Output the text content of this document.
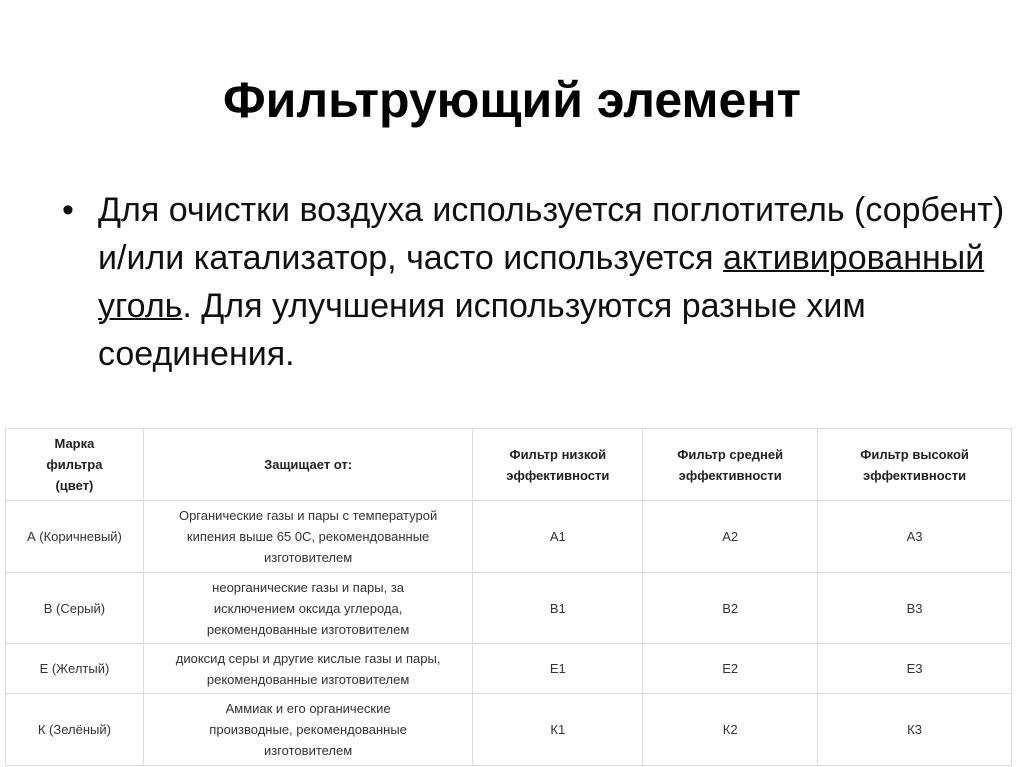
Фильтрующий элемент
• Для очистки воздуха используется поглотитель (сорбент) и/или катализатор, часто используется активированный уголь. Для улучшения используются разные хим соединения.
Марка фильтра (цвет)	Защищает от:	Фильтр низкой эффективности	Фильтр средней эффективности	Фильтр высокой эффективности
А (Коричневый)	Органические газы и пары с температурой кипения выше 65 0С, рекомендованные изготовителем	А1	А2	А3
В (Серый)	неорганические газы и пары, за исключением оксида углерода, рекомендованные изготовителем	В1	В2	В3
Е (Желтый)	диоксид серы и другие кислые газы и пары, рекомендованные изготовителем	Е1	Е2	Е3
К (Зелёный)	Аммиак и его органические производные, рекомендованные изготовителем	К1	К2	К3
